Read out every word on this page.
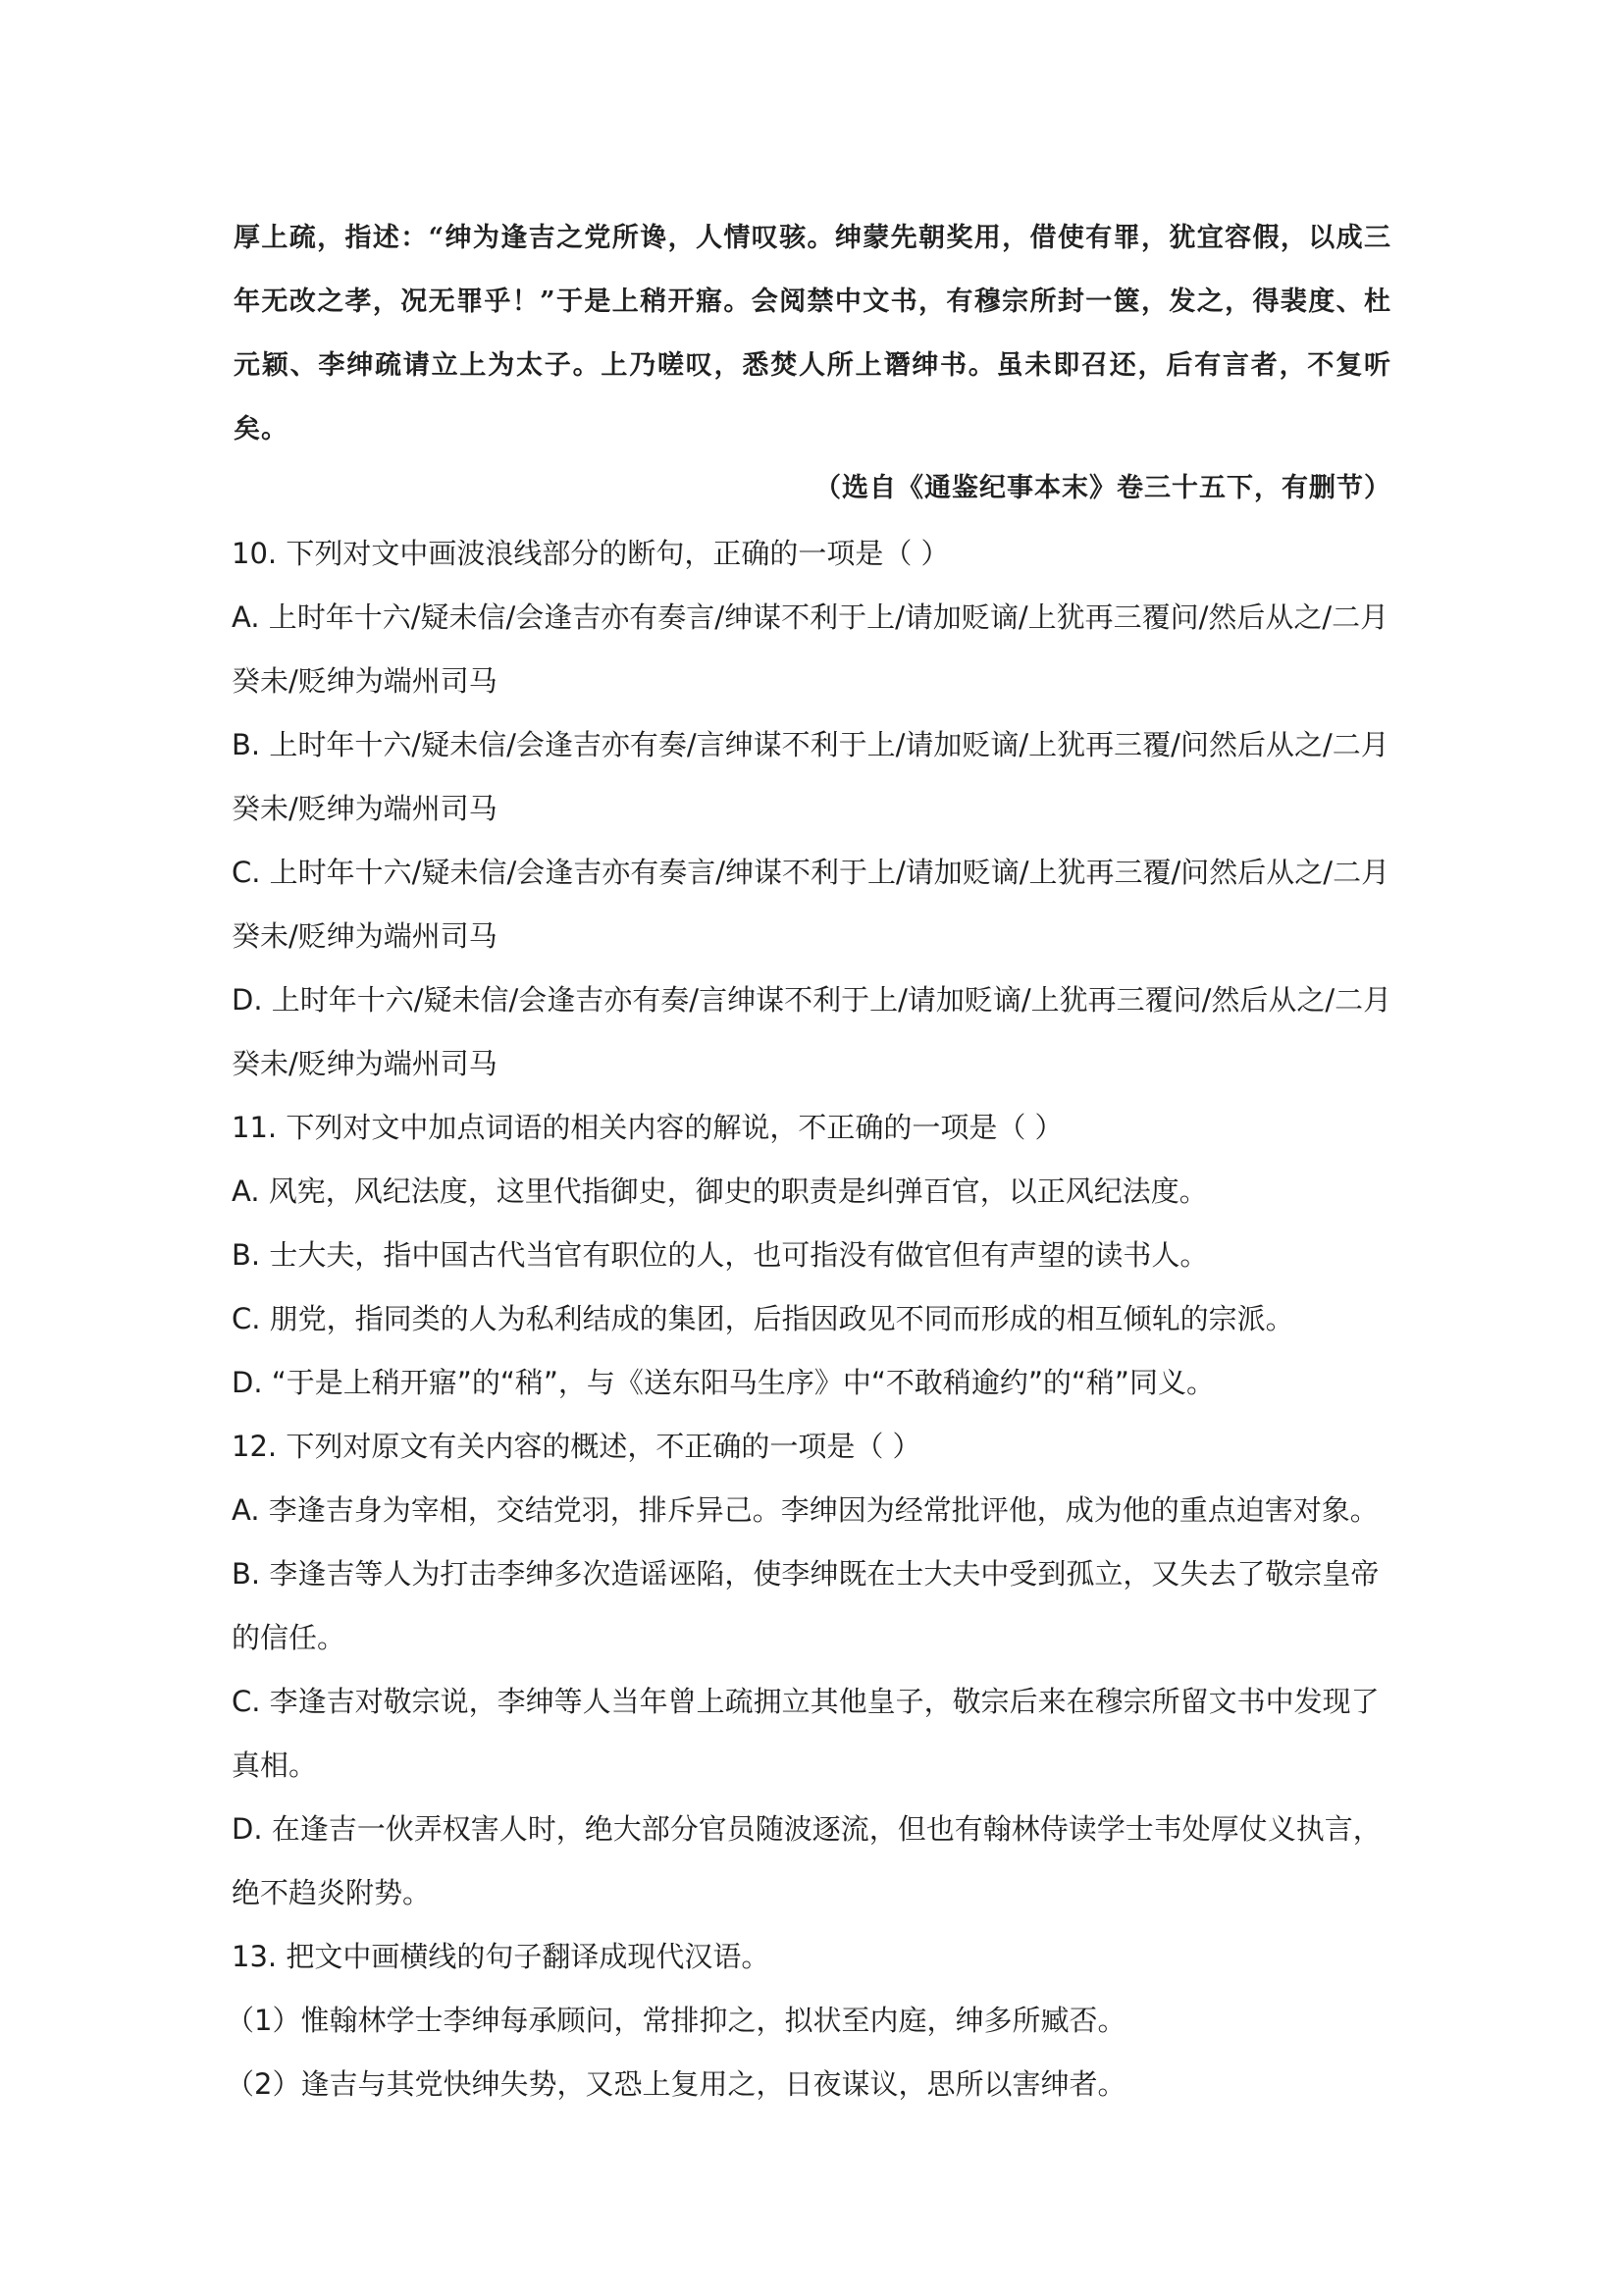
厚上疏，指述：“绅为逢吉之党所谗，人情叹骇。绅蒙先朝奖用，借使有罪，犹宜容假，以成三年无改之孝，况无罪乎！”于是上稍开寤。会阅禁中文书，有穆宗所封一箧，发之，得裴度、杜元颖、李绅疏请立上为太子。上乃嗟叹，悉焚人所上谮绅书。虽未即召还，后有言者，不复听矣。

（选自《通鉴纪事本末》卷三十五下，有删节）

10. 下列对文中画波浪线部分的断句，正确的一项是（ ）

A. 上时年十六/疑未信/会逢吉亦有奏言/绅谋不利于上/请加贬谪/上犹再三覆问/然后从之/二月癸未/贬绅为端州司马

B. 上时年十六/疑未信/会逢吉亦有奏/言绅谋不利于上/请加贬谪/上犹再三覆/问然后从之/二月癸未/贬绅为端州司马

C. 上时年十六/疑未信/会逢吉亦有奏言/绅谋不利于上/请加贬谪/上犹再三覆/问然后从之/二月癸未/贬绅为端州司马

D. 上时年十六/疑未信/会逢吉亦有奏/言绅谋不利于上/请加贬谪/上犹再三覆问/然后从之/二月癸未/贬绅为端州司马

11. 下列对文中加点词语的相关内容的解说，不正确的一项是（ ）

A. 风宪，风纪法度，这里代指御史，御史的职责是纠弹百官，以正风纪法度。

B. 士大夫，指中国古代当官有职位的人，也可指没有做官但有声望的读书人。

C. 朋党，指同类的人为私利结成的集团，后指因政见不同而形成的相互倾轧的宗派。

D. “于是上稍开寤”的“稍”，与《送东阳马生序》中“不敢稍逾约”的“稍”同义。

12. 下列对原文有关内容的概述，不正确的一项是（ ）

A. 李逢吉身为宰相，交结党羽，排斥异己。李绅因为经常批评他，成为他的重点迫害对象。

B. 李逢吉等人为打击李绅多次造谣诬陷，使李绅既在士大夫中受到孤立，又失去了敬宗皇帝的信任。

C. 李逢吉对敬宗说，李绅等人当年曾上疏拥立其他皇子，敬宗后来在穆宗所留文书中发现了真相。

D. 在逢吉一伙弄权害人时，绝大部分官员随波逐流，但也有翰林侍读学士韦处厚仗义执言，绝不趋炎附势。

13. 把文中画横线的句子翻译成现代汉语。

（1）惟翰林学士李绅每承顾问，常排抑之，拟状至内庭，绅多所臧否。

（2）逢吉与其党快绅失势，又恐上复用之，日夜谋议，思所以害绅者。
